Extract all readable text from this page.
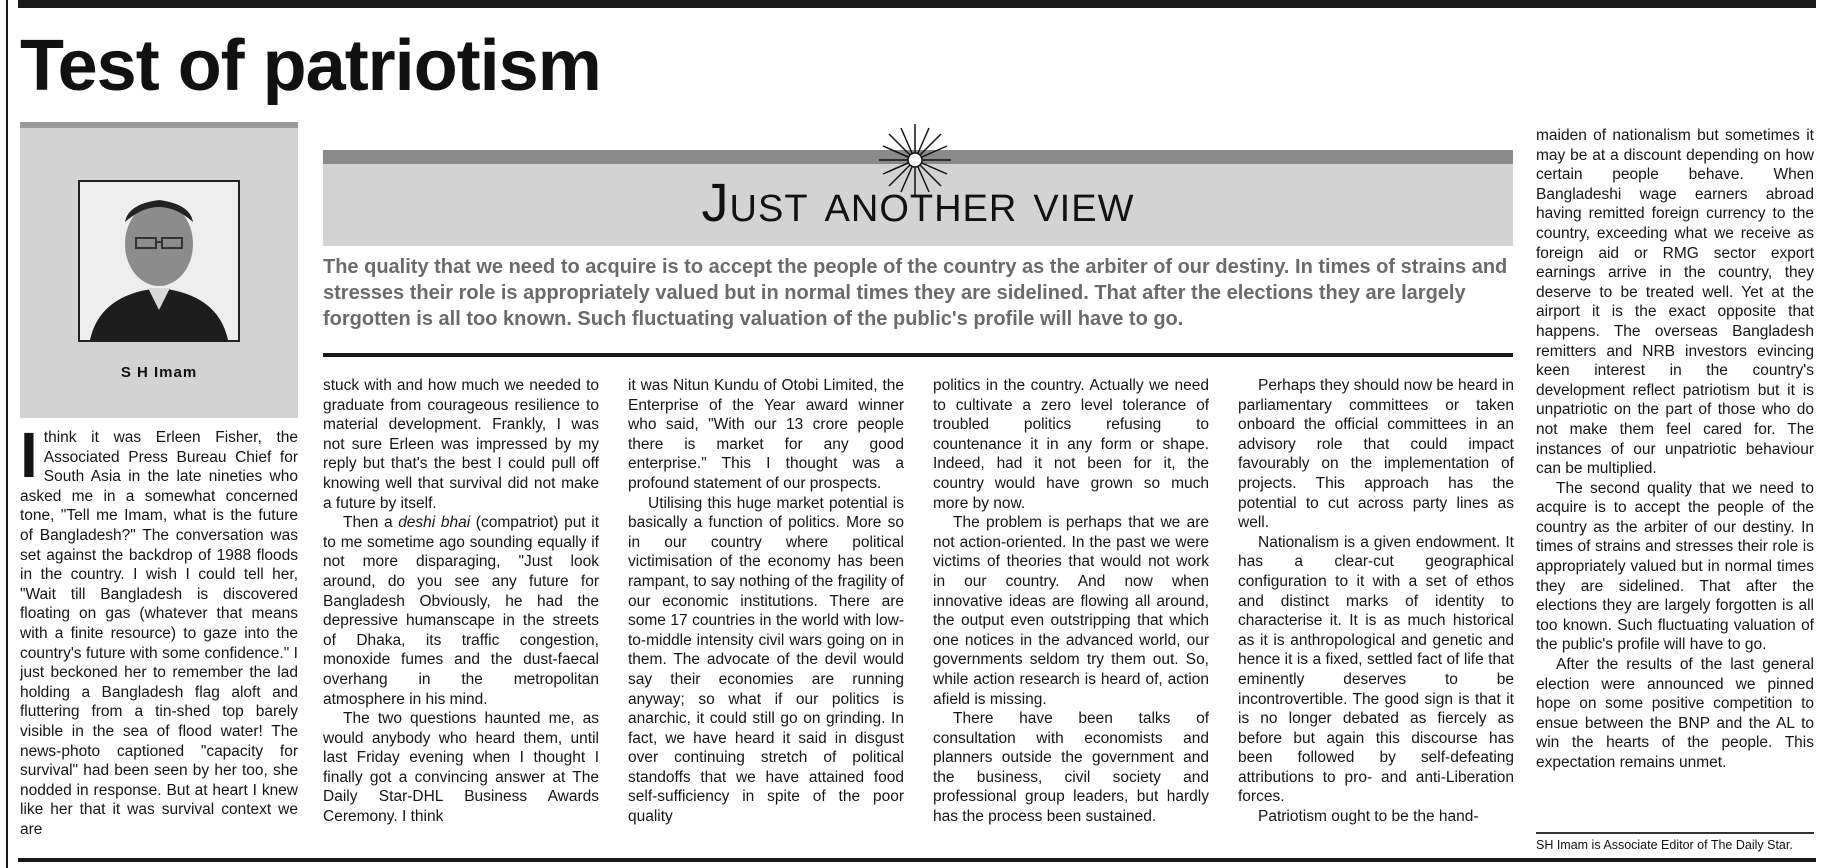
Test of patriotism
S H Imam
Just another view

The quality that we need to acquire is to accept the people of the country as the arbiter of our destiny. In times of strains and stresses their role is appropriately valued but in normal times they are sidelined. That after the elections they are largely forgotten is all too known. Such fluctuating valuation of the public's profile will have to go.

I think it was Erleen Fisher, the Associated Press Bureau Chief for South Asia in the late nineties who asked me in a somewhat concerned tone, "Tell me Imam, what is the future of Bangladesh?" The conversation was set against the backdrop of 1988 floods in the country. I wish I could tell her, "Wait till Bangladesh is discovered floating on gas (whatever that means with a finite resource) to gaze into the country's future with some confidence." I just beckoned her to remember the lad holding a Bangladesh flag aloft and fluttering from a tin-shed top barely visible in the sea of flood water! The news-photo captioned "capacity for survival" had been seen by her too, she nodded in response. But at heart I knew like her that it was survival context we are

stuck with and how much we needed to graduate from courageous resilience to material development. Frankly, I was not sure Erleen was impressed by my reply but that's the best I could pull off knowing well that survival did not make a future by itself.

Then a deshi bhai (compatriot) put it to me sometime ago sounding equally if not more disparaging, "Just look around, do you see any future for Bangladesh Obviously, he had the depressive humanscape in the streets of Dhaka, its traffic congestion, monoxide fumes and the dust-faecal overhang in the metropolitan atmosphere in his mind.

The two questions haunted me, as would anybody who heard them, until last Friday evening when I thought I finally got a convincing answer at The Daily Star-DHL Business Awards Ceremony. I think

it was Nitun Kundu of Otobi Limited, the Enterprise of the Year award winner who said, "With our 13 crore people there is market for any good enterprise." This I thought was a profound statement of our prospects.

Utilising this huge market potential is basically a function of politics. More so in our country where political victimisation of the economy has been rampant, to say nothing of the fragility of our economic institutions. There are some 17 countries in the world with low-to-middle intensity civil wars going on in them. The advocate of the devil would say their economies are running anyway; so what if our politics is anarchic, it could still go on grinding. In fact, we have heard it said in disgust over continuing stretch of political standoffs that we have attained food self-sufficiency in spite of the poor quality

politics in the country. Actually we need to cultivate a zero level tolerance of troubled politics refusing to countenance it in any form or shape. Indeed, had it not been for it, the country would have grown so much more by now.

The problem is perhaps that we are not action-oriented. In the past we were victims of theories that would not work in our country. And now when innovative ideas are flowing all around, the output even outstripping that which one notices in the advanced world, our governments seldom try them out. So, while action research is heard of, action afield is missing.

There have been talks of consultation with economists and planners outside the government and the business, civil society and professional group leaders, but hardly has the process been sustained.

Perhaps they should now be heard in parliamentary committees or taken onboard the official committees in an advisory role that could impact favourably on the implementation of projects. This approach has the potential to cut across party lines as well.

Nationalism is a given endowment. It has a clear-cut geographical configuration to it with a set of ethos and distinct marks of identity to characterise it. It is as much historical as it is anthropological and genetic and hence it is a fixed, settled fact of life that eminently deserves to be incontrovertible. The good sign is that it is no longer debated as fiercely as before but again this discourse has been followed by self-defeating attributions to pro- and anti-Liberation forces.

Patriotism ought to be the hand-

maiden of nationalism but sometimes it may be at a discount depending on how certain people behave. When Bangladeshi wage earners abroad having remitted foreign currency to the country, exceeding what we receive as foreign aid or RMG sector export earnings arrive in the country, they deserve to be treated well. Yet at the airport it is the exact opposite that happens. The overseas Bangladesh remitters and NRB investors evincing keen interest in the country's development reflect patriotism but it is unpatriotic on the part of those who do not make them feel cared for. The instances of our unpatriotic behaviour can be multiplied.

The second quality that we need to acquire is to accept the people of the country as the arbiter of our destiny. In times of strains and stresses their role is appropriately valued but in normal times they are sidelined. That after the elections they are largely forgotten is all too known. Such fluctuating valuation of the public's profile will have to go.

After the results of the last general election were announced we pinned hope on some positive competition to ensue between the BNP and the AL to win the hearts of the people. This expectation remains unmet.

SH Imam is Associate Editor of The Daily Star.
